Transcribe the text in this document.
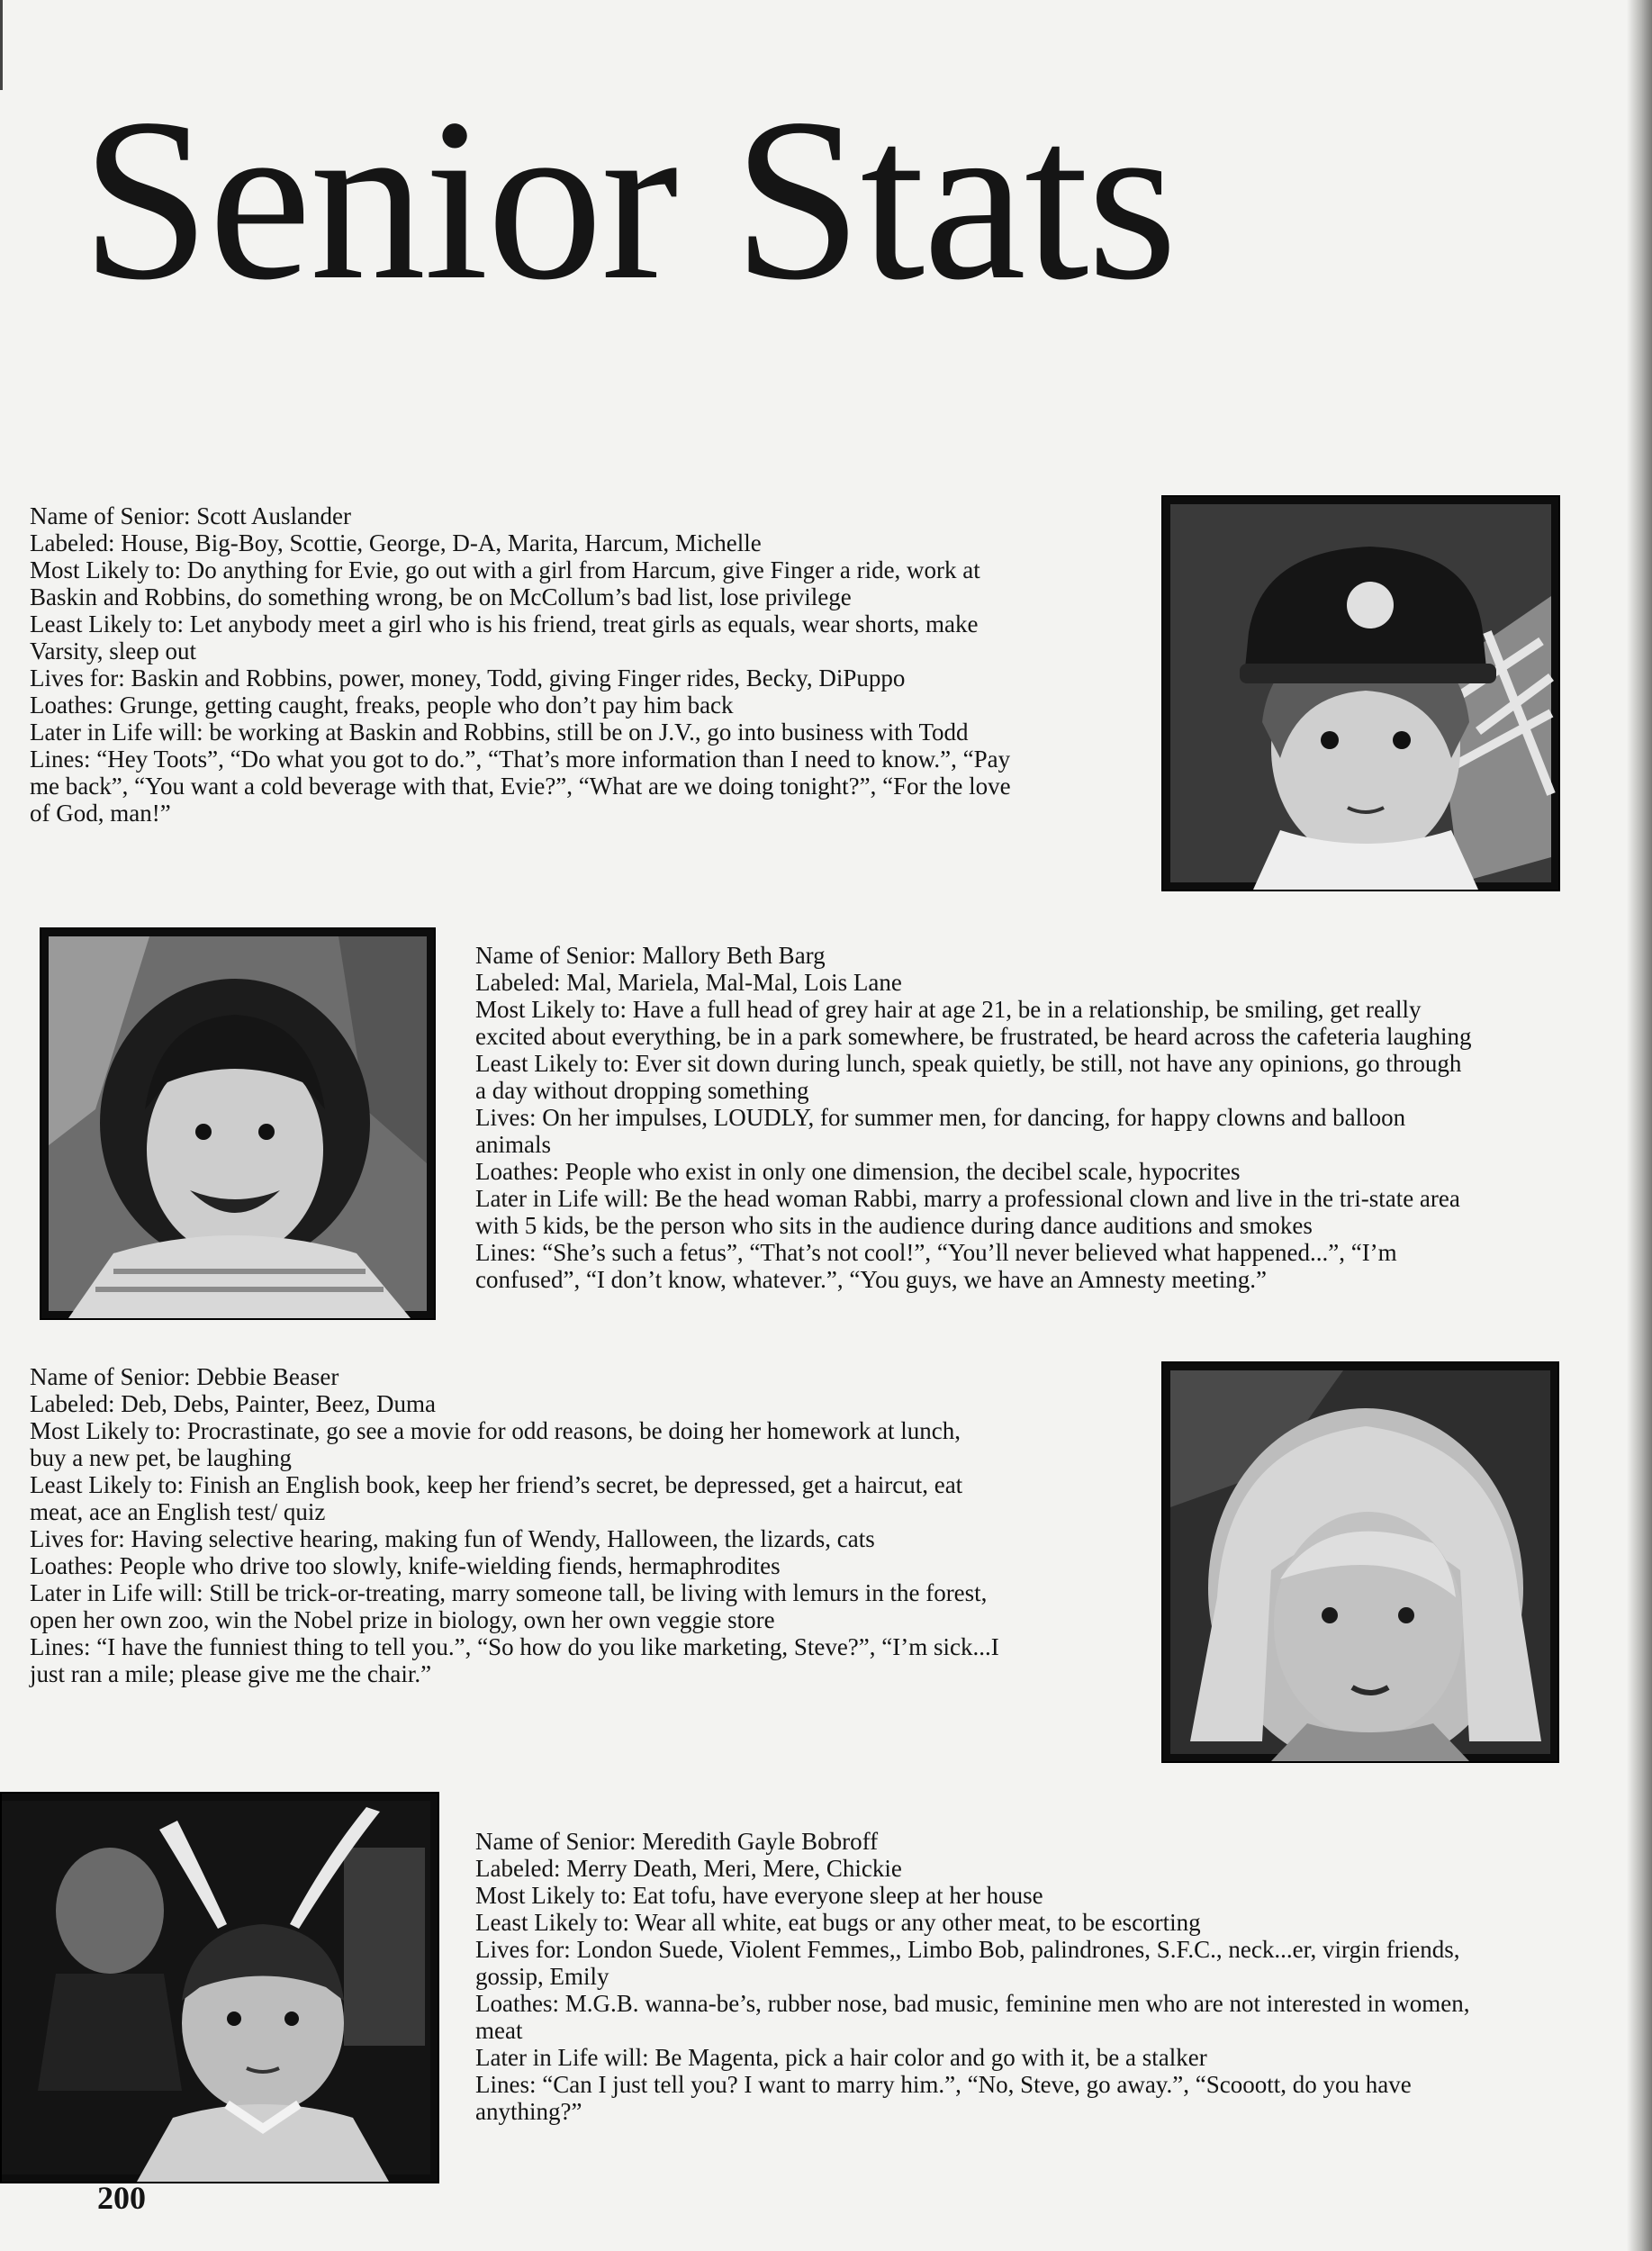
Senior Stats

Name of Senior: Scott Auslander

Labeled: House, Big-Boy, Scottie, George, D-A, Marita, Harcum, Michelle

Most Likely to: Do anything for Evie, go out with a girl from Harcum, give Finger a ride, work at

Baskin and Robbins, do something wrong, be on McCollum’s bad list, lose privilege

Least Likely to: Let anybody meet a girl who is his friend, treat girls as equals, wear shorts, make

Varsity, sleep out

Lives for: Baskin and Robbins, power, money, Todd, giving Finger rides, Becky, DiPuppo

Loathes: Grunge, getting caught, freaks, people who don’t pay him back

Later in Life will: be working at Baskin and Robbins, still be on J.V., go into business with Todd

Lines: “Hey Toots”, “Do what you got to do.”, “That’s more information than I need to know.”, “Pay

me back”, “You want a cold beverage with that, Evie?”, “What are we doing tonight?”, “For the love

of God, man!”

Name of Senior: Mallory Beth Barg

Labeled: Mal, Mariela, Mal-Mal, Lois Lane

Most Likely to: Have a full head of grey hair at age 21, be in a relationship, be smiling, get really

excited about everything, be in a park somewhere, be frustrated, be heard across the cafeteria laughing

Least Likely to: Ever sit down during lunch, speak quietly, be still, not have any opinions, go through

a day without dropping something

Lives: On her impulses, LOUDLY, for summer men, for dancing, for happy clowns and balloon

animals

Loathes: People who exist in only one dimension, the decibel scale, hypocrites

Later in Life will: Be the head woman Rabbi, marry a professional clown and live in the tri-state area

with 5 kids, be the person who sits in the audience during dance auditions and smokes

Lines: “She’s such a fetus”, “That’s not cool!”, “You’ll never believed what happened...”, “I’m

confused”, “I don’t know, whatever.”, “You guys, we have an Amnesty meeting.”

Name of Senior: Debbie Beaser

Labeled: Deb, Debs, Painter, Beez, Duma

Most Likely to: Procrastinate, go see a movie for odd reasons, be doing her homework at lunch,

buy a new pet, be laughing

Least Likely to: Finish an English book, keep her friend’s secret, be depressed, get a haircut, eat

meat, ace an English test/ quiz

Lives for: Having selective hearing, making fun of Wendy, Halloween, the lizards, cats

Loathes: People who drive too slowly, knife-wielding fiends, hermaphrodites

Later in Life will: Still be trick-or-treating, marry someone tall, be living with lemurs in the forest,

open her own zoo, win the Nobel prize in biology, own her own veggie store

Lines: “I have the funniest thing to tell you.”, “So how do you like marketing, Steve?”, “I’m sick...I

just ran a mile; please give me the chair.”

Name of Senior: Meredith Gayle Bobroff

Labeled: Merry Death, Meri, Mere, Chickie

Most Likely to: Eat tofu, have everyone sleep at her house

Least Likely to: Wear all white, eat bugs or any other meat, to be escorting

Lives for: London Suede, Violent Femmes,, Limbo Bob, palindrones, S.F.C., neck...er, virgin friends,

gossip, Emily

Loathes: M.G.B. wanna-be’s, rubber nose, bad music, feminine men who are not interested in women,

meat

Later in Life will: Be Magenta, pick a hair color and go with it, be a stalker

Lines: “Can I just tell you? I want to marry him.”, “No, Steve, go away.”, “Scooott, do you have

anything?”

200
